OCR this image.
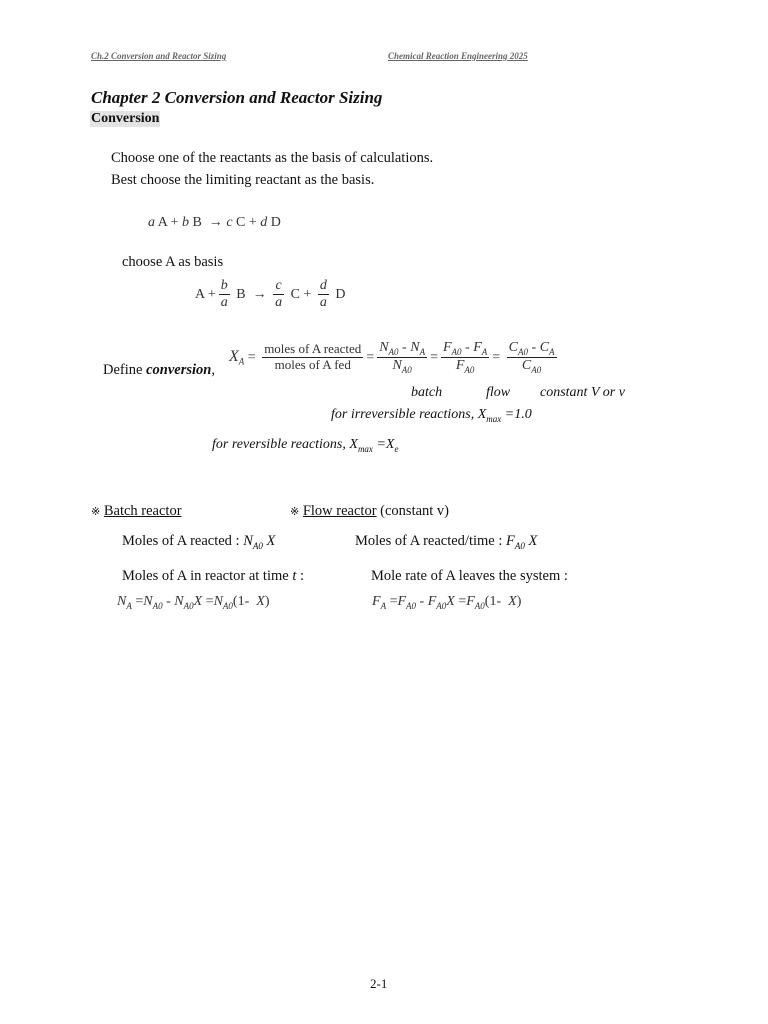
Ch.2 Conversion and Reactor Sizing	Chemical Reaction Engineering 2025
Chapter 2 Conversion and Reactor Sizing
Conversion
Choose one of the reactants as the basis of calculations.
Best choose the limiting reactant as the basis.
a A + b B  → c C + d D
choose A as basis
$A + \frac{b}{a}$ $B \to \frac{c}{a}$ $C + \frac{d}{a}$ D
Define conversion,
$X_A = \frac{\text{moles of A reacted}}{\text{moles of A fed}} = \frac{N_{A0} - N_A}{N_{A0}} = \frac{F_{A0} - F_A}{F_{A0}} = \frac{C_{A0} - C_A}{C_{A0}}$
batch	flow constant V or v
for irreversible reactions, $X_{max} =1.0$
for reversible reactions, $X_{max} =X_e$
※ Batch reactor	※ Flow reactor (constant v)
Moles of A reacted : $N_{A0}$ X	Moles of A reacted/time : $F_{A0}$ X
Moles of A in reactor at time t :	Mole rate of A leaves the system :
$N_A =N_{A0} - N_{A0}X =N_{A0}(1-$  X)	$F_A =F_{A0} - F_{A0}X =F_{A0}(1-$  X)
2-1
